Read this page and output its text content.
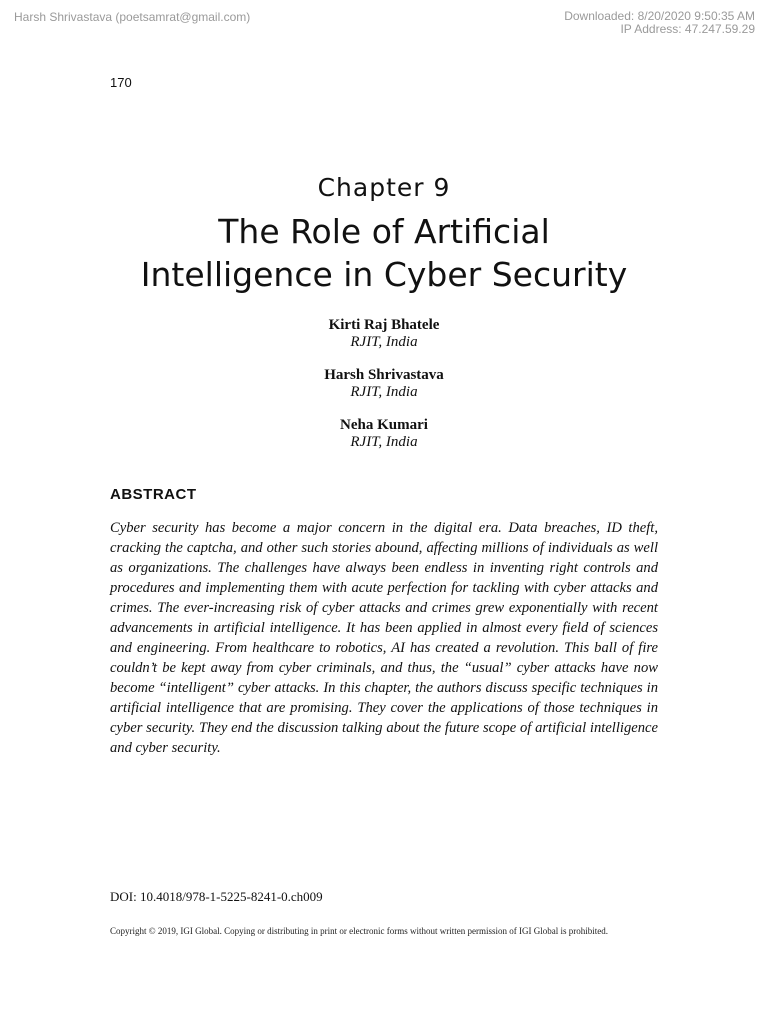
Harsh Shrivastava (poetsamrat@gmail.com)	Downloaded: 8/20/2020 9:50:35 AM
IP Address: 47.247.59.29
170
Chapter 9
The Role of Artificial
Intelligence in Cyber Security
Kirti Raj Bhatele
RJIT, India
Harsh Shrivastava
RJIT, India
Neha Kumari
RJIT, India
ABSTRACT

Cyber security has become a major concern in the digital era. Data breaches, ID theft, cracking the captcha, and other such stories abound, affecting millions of individuals as well as organizations. The challenges have always been endless in inventing right controls and procedures and implementing them with acute perfection for tackling with cyber attacks and crimes. The ever-increasing risk of cyber attacks and crimes grew exponentially with recent advancements in artificial intelligence. It has been applied in almost every field of sciences and engineering. From healthcare to robotics, AI has created a revolution. This ball of fire couldn’t be kept away from cyber criminals, and thus, the “usual” cyber attacks have now become “intelligent” cyber attacks. In this chapter, the authors discuss specific techniques in artificial intelligence that are promising. They cover the applications of those techniques in cyber security. They end the discussion talking about the future scope of artificial intelligence and cyber security.

DOI: 10.4018/978-1-5225-8241-0.ch009
Copyright © 2019, IGI Global. Copying or distributing in print or electronic forms without written permission of IGI Global is prohibited.
